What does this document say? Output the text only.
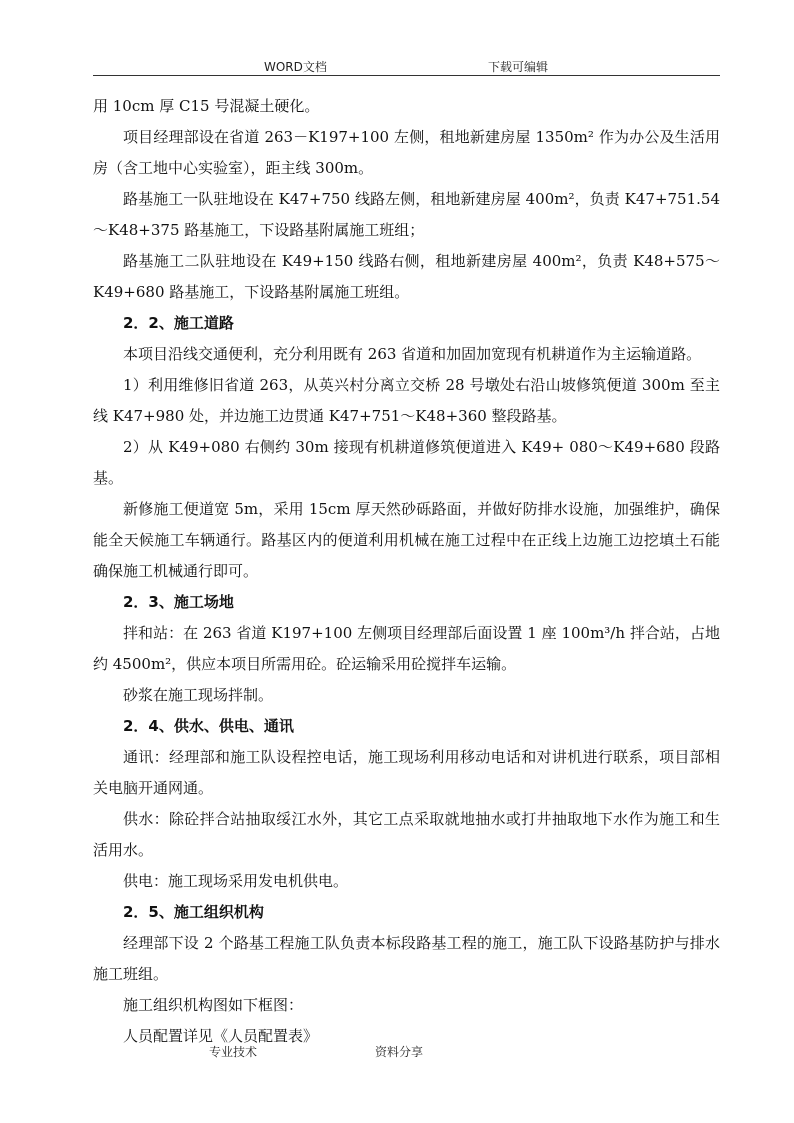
WORD文档	下载可编辑

用 10cm 厚 C15 号混凝土硬化。

项目经理部设在省道 263－K197+100 左侧，租地新建房屋 1350m² 作为办公及生活用房（含工地中心实验室），距主线 300m。

路基施工一队驻地设在 K47+750 线路左侧，租地新建房屋 400m²，负责 K47+751.54～K48+375 路基施工，下设路基附属施工班组；

路基施工二队驻地设在 K49+150 线路右侧，租地新建房屋 400m²，负责 K48+575～K49+680 路基施工，下设路基附属施工班组。

2．2、施工道路

本项目沿线交通便利，充分利用既有 263 省道和加固加宽现有机耕道作为主运输道路。

1）利用维修旧省道 263，从英兴村分离立交桥 28 号墩处右沿山坡修筑便道 300m 至主线 K47+980 处，并边施工边贯通 K47+751～K48+360 整段路基。

2）从 K49+080 右侧约 30m 接现有机耕道修筑便道进入 K49+ 080～K49+680 段路基。

新修施工便道宽 5m，采用 15cm 厚天然砂砾路面，并做好防排水设施，加强维护，确保能全天候施工车辆通行。路基区内的便道利用机械在施工过程中在正线上边施工边挖填土石能确保施工机械通行即可。

2．3、施工场地

拌和站：在 263 省道 K197+100 左侧项目经理部后面设置 1 座 100m³/h 拌合站，占地约 4500m²，供应本项目所需用砼。砼运输采用砼搅拌车运输。

砂浆在施工现场拌制。

2．4、供水、供电、通讯

通讯：经理部和施工队设程控电话，施工现场利用移动电话和对讲机进行联系，项目部相关电脑开通网通。

供水：除砼拌合站抽取绥江水外，其它工点采取就地抽水或打井抽取地下水作为施工和生活用水。

供电：施工现场采用发电机供电。

2．5、施工组织机构

经理部下设 2 个路基工程施工队负责本标段路基工程的施工，施工队下设路基防护与排水施工班组。

施工组织机构图如下框图：

人员配置详见《人员配置表》

专业技术	资料分享
